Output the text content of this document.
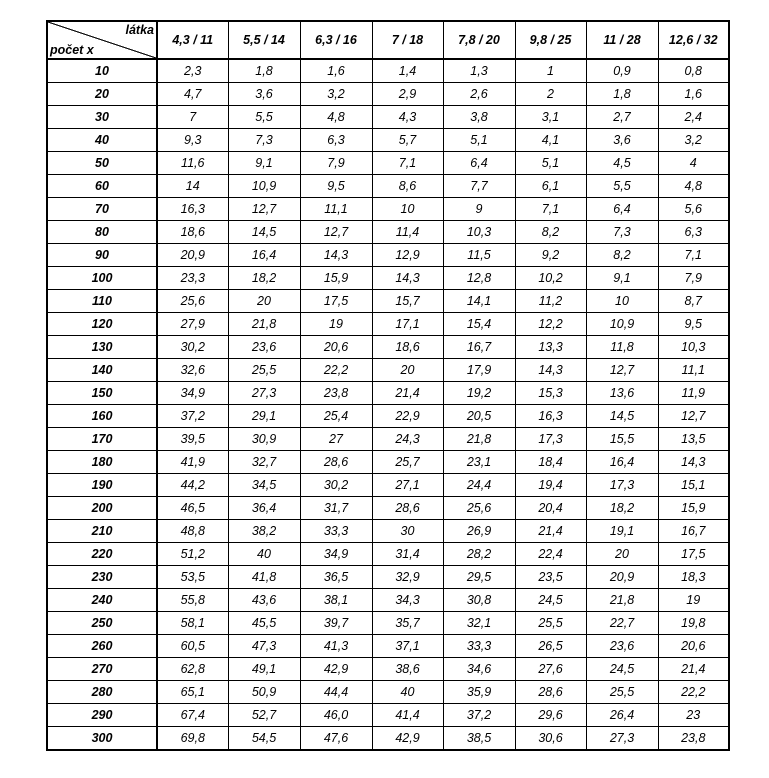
látka
počet x	4,3 / 11	5,5 / 14	6,3 / 16	7 / 18	7,8 / 20	9,8 / 25	11 / 28	12,6 / 32
10	2,3	1,8	1,6	1,4	1,3	1	0,9	0,8
20	4,7	3,6	3,2	2,9	2,6	2	1,8	1,6
30	7	5,5	4,8	4,3	3,8	3,1	2,7	2,4
40	9,3	7,3	6,3	5,7	5,1	4,1	3,6	3,2
50	11,6	9,1	7,9	7,1	6,4	5,1	4,5	4
60	14	10,9	9,5	8,6	7,7	6,1	5,5	4,8
70	16,3	12,7	11,1	10	9	7,1	6,4	5,6
80	18,6	14,5	12,7	11,4	10,3	8,2	7,3	6,3
90	20,9	16,4	14,3	12,9	11,5	9,2	8,2	7,1
100	23,3	18,2	15,9	14,3	12,8	10,2	9,1	7,9
110	25,6	20	17,5	15,7	14,1	11,2	10	8,7
120	27,9	21,8	19	17,1	15,4	12,2	10,9	9,5
130	30,2	23,6	20,6	18,6	16,7	13,3	11,8	10,3
140	32,6	25,5	22,2	20	17,9	14,3	12,7	11,1
150	34,9	27,3	23,8	21,4	19,2	15,3	13,6	11,9
160	37,2	29,1	25,4	22,9	20,5	16,3	14,5	12,7
170	39,5	30,9	27	24,3	21,8	17,3	15,5	13,5
180	41,9	32,7	28,6	25,7	23,1	18,4	16,4	14,3
190	44,2	34,5	30,2	27,1	24,4	19,4	17,3	15,1
200	46,5	36,4	31,7	28,6	25,6	20,4	18,2	15,9
210	48,8	38,2	33,3	30	26,9	21,4	19,1	16,7
220	51,2	40	34,9	31,4	28,2	22,4	20	17,5
230	53,5	41,8	36,5	32,9	29,5	23,5	20,9	18,3
240	55,8	43,6	38,1	34,3	30,8	24,5	21,8	19
250	58,1	45,5	39,7	35,7	32,1	25,5	22,7	19,8
260	60,5	47,3	41,3	37,1	33,3	26,5	23,6	20,6
270	62,8	49,1	42,9	38,6	34,6	27,6	24,5	21,4
280	65,1	50,9	44,4	40	35,9	28,6	25,5	22,2
290	67,4	52,7	46,0	41,4	37,2	29,6	26,4	23
300	69,8	54,5	47,6	42,9	38,5	30,6	27,3	23,8
